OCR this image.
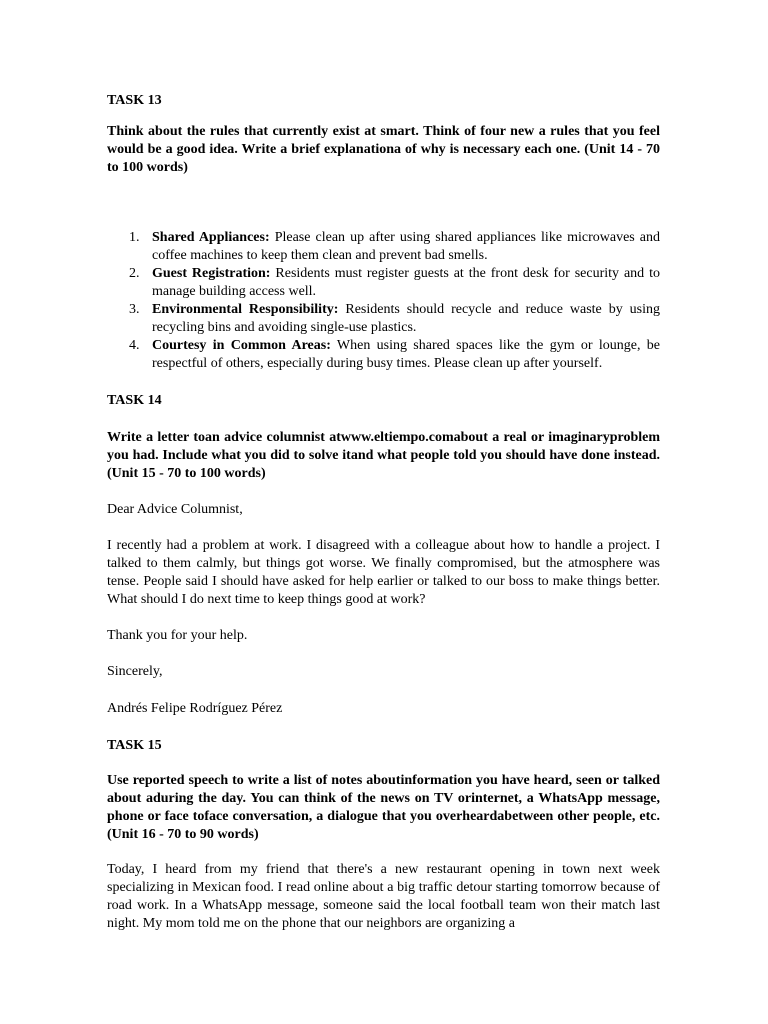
TASK 13

Think about the rules that currently exist at smart. Think of four new a rules that you feel would be a good idea. Write a brief explanationa of why is necessary each one. (Unit 14 - 70 to 100 words)

1. Shared Appliances: Please clean up after using shared appliances like microwaves and coffee machines to keep them clean and prevent bad smells.
2. Guest Registration: Residents must register guests at the front desk for security and to manage building access well.
3. Environmental Responsibility: Residents should recycle and reduce waste by using recycling bins and avoiding single-use plastics.
4. Courtesy in Common Areas: When using shared spaces like the gym or lounge, be respectful of others, especially during busy times. Please clean up after yourself.

TASK 14

Write a letter toan advice columnist atwww.eltiempo.comabout a real or imaginaryproblem you had. Include what you did to solve itand what people told you should have done instead.(Unit 15 - 70 to 100 words)

Dear Advice Columnist,

I recently had a problem at work. I disagreed with a colleague about how to handle a project. I talked to them calmly, but things got worse. We finally compromised, but the atmosphere was tense. People said I should have asked for help earlier or talked to our boss to make things better. What should I do next time to keep things good at work?

Thank you for your help.

Sincerely,

Andrés Felipe Rodríguez Pérez

TASK 15

Use reported speech to write a list of notes aboutinformation you have heard, seen or talked about aduring the day. You can think of the news on TV orinternet, a WhatsApp message, phone or face toface conversation, a dialogue that you overheardabetween other people, etc. (Unit 16 - 70 to 90 words)

Today, I heard from my friend that there's a new restaurant opening in town next week specializing in Mexican food. I read online about a big traffic detour starting tomorrow because of road work. In a WhatsApp message, someone said the local football team won their match last night. My mom told me on the phone that our neighbors are organizing a
